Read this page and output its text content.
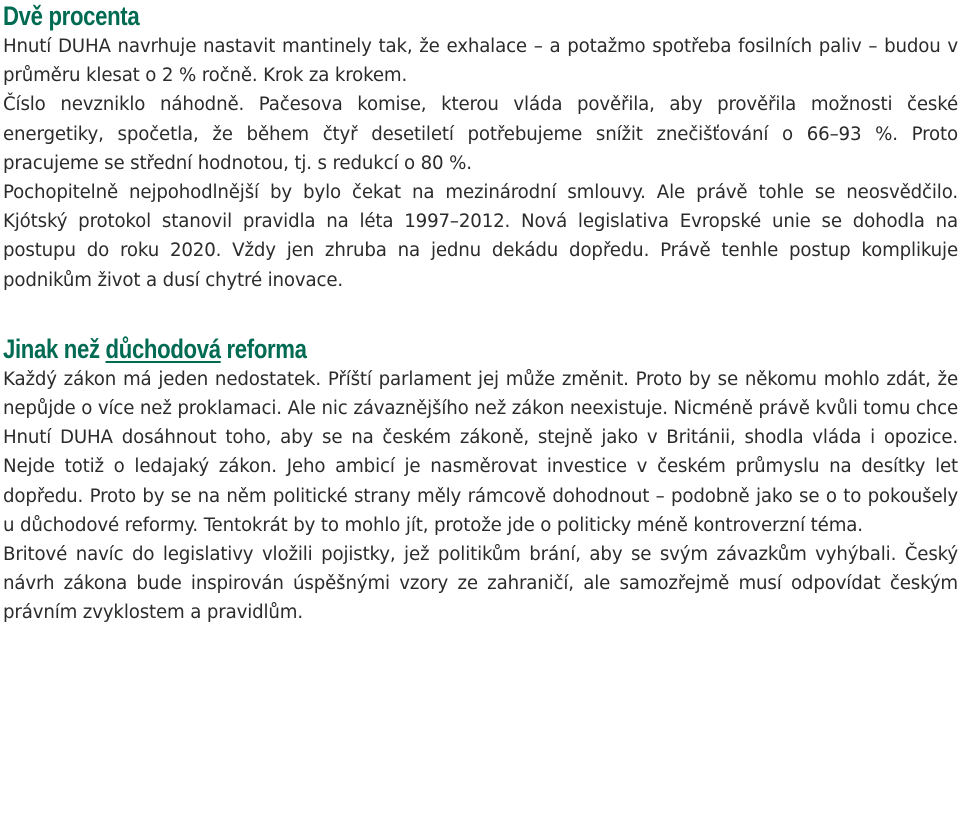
Dvě procenta

Hnutí DUHA navrhuje nastavit mantinely tak, že exhalace – a potažmo spotřeba fosilních paliv – budou v průměru klesat o 2 % ročně. Krok za krokem.

Číslo nevzniklo náhodně. Pačesova komise, kterou vláda pověřila, aby prověřila možnosti české energetiky, spočetla, že během čtyř desetiletí potřebujeme snížit znečišťování o 66–93 %. Proto pracujeme se střední hodnotou, tj. s redukcí o 80 %.

Pochopitelně nejpohodlnější by bylo čekat na mezinárodní smlouvy. Ale právě tohle se neosvědčilo. Kjótský protokol stanovil pravidla na léta 1997–2012. Nová legislativa Evropské unie se dohodla na postupu do roku 2020. Vždy jen zhruba na jednu dekádu dopředu. Právě tenhle postup komplikuje podnikům život a dusí chytré inovace.

Jinak než důchodová reforma

Každý zákon má jeden nedostatek. Příští parlament jej může změnit. Proto by se někomu mohlo zdát, že nepůjde o více než proklamaci. Ale nic závaznějšího než zákon neexistuje. Nicméně právě kvůli tomu chce Hnutí DUHA dosáhnout toho, aby se na českém zákoně, stejně jako v Británii, shodla vláda i opozice. Nejde totiž o ledajaký zákon. Jeho ambicí je nasměrovat investice v českém průmyslu na desítky let dopředu. Proto by se na něm politické strany měly rámcově dohodnout – podobně jako se o to pokoušely u důchodové reformy. Tentokrát by to mohlo jít, protože jde o politicky méně kontroverzní téma.

Britové navíc do legislativy vložili pojistky, jež politikům brání, aby se svým závazkům vyhýbali. Český návrh zákona bude inspirován úspěšnými vzory ze zahraničí, ale samozřejmě musí odpovídat českým právním zvyklostem a pravidlům.
